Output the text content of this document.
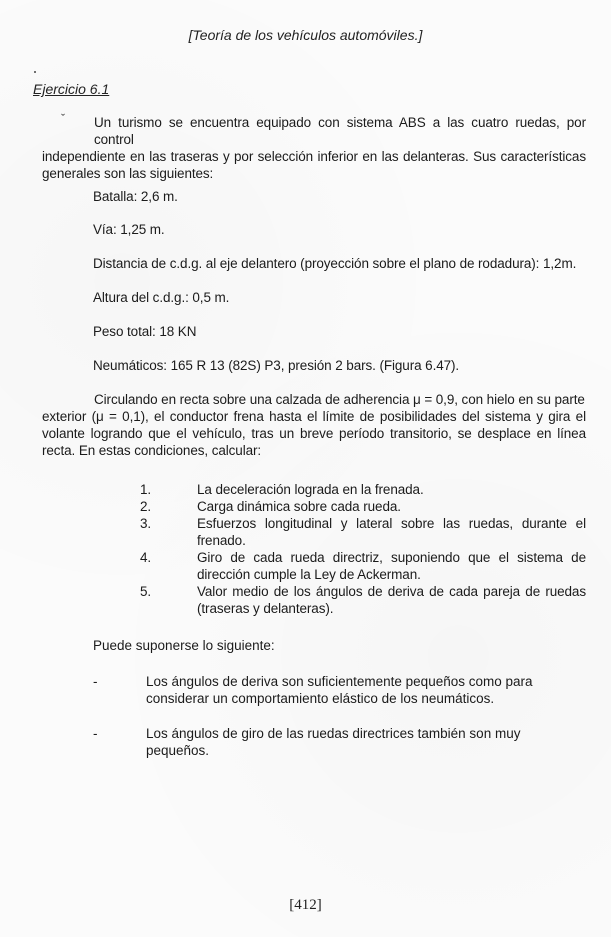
[Teoría de los vehículos automóviles.]
Ejercicio 6.1
ˇ	Un turismo se encuentra equipado con sistema ABS a las cuatro ruedas, por control
independiente en las traseras y por selección inferior en las delanteras. Sus características generales son las siguientes:
Batalla: 2,6 m.
Vía: 1,25 m.
Distancia de c.d.g. al eje delantero (proyección sobre el plano de rodadura): 1,2m.
Altura del c.d.g.: 0,5 m.
Peso total: 18 KN
Neumáticos: 165 R 13 (82S) P3, presión 2 bars. (Figura 6.47).
Circulando en recta sobre una calzada de adherencia μ = 0,9, con hielo en su parte
exterior (μ = 0,1), el conductor frena hasta el límite de posibilidades del sistema y gira el volante logrando que el vehículo, tras un breve período transitorio, se desplace en línea recta. En estas condiciones, calcular:
1.	La deceleración lograda en la frenada.
2.	Carga dinámica sobre cada rueda.
3.	Esfuerzos longitudinal y lateral sobre las ruedas, durante el frenado.
4.	Giro de cada rueda directriz, suponiendo que el sistema de dirección cumple la Ley de Ackerman.
5.	Valor medio de los ángulos de deriva de cada pareja de ruedas (traseras y delanteras).
Puede suponerse lo siguiente:
-	Los ángulos de deriva son suficientemente pequeños como para considerar un comportamiento elástico de los neumáticos.
-	Los ángulos de giro de las ruedas directrices también son muy pequeños.
[412]
